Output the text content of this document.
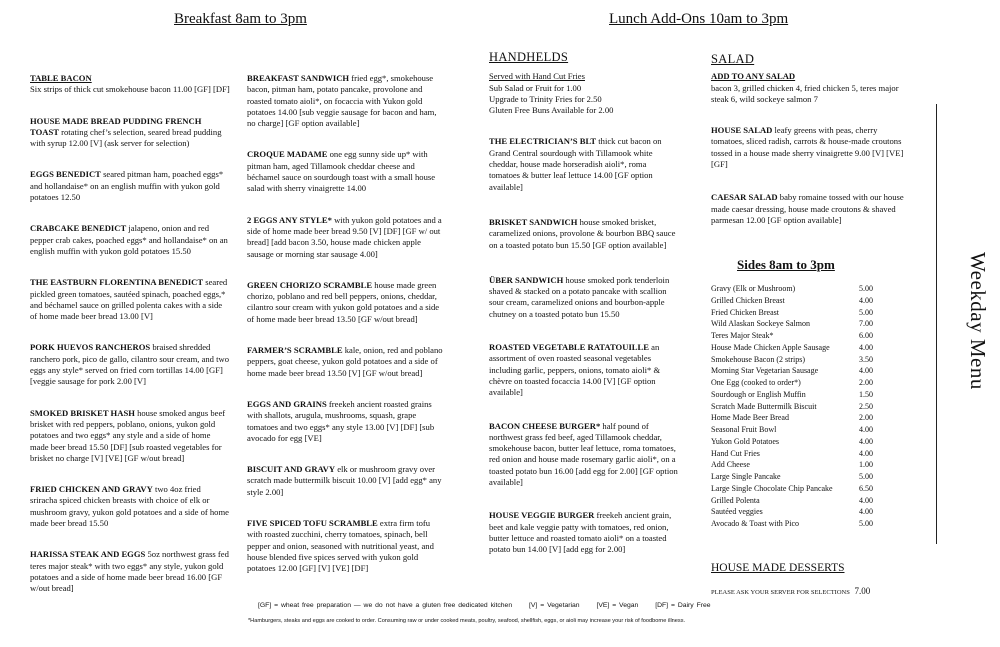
Breakfast 8am to 3pm	Lunch Add-Ons 10am to 3pm

TABLE BACON
Six strips of thick cut smokehouse bacon 11.00 [GF] [DF]

HOUSE MADE BREAD PUDDING FRENCH TOAST rotating chef’s selection, seared bread pudding with syrup 12.00 [V] (ask server for selection)

EGGS BENEDICT seared pitman ham, poached eggs* and hollandaise* on an english muffin with yukon gold potatoes 12.50

CRABCAKE BENEDICT jalapeno, onion and red pepper crab cakes, poached eggs* and hollandaise* on an english muffin with yukon gold potatoes 15.50

THE EASTBURN FLORENTINA BENEDICT seared pickled green tomatoes, sautéed spinach, poached eggs,* and béchamel sauce on grilled polenta cakes with a side of home made beer bread 13.00 [V]

PORK HUEVOS RANCHEROS braised shredded ranchero pork, pico de gallo, cilantro sour cream, and two eggs any style* served on fried corn tortillas 14.00 [GF] [veggie sausage for pork 2.00 [V]

SMOKED BRISKET HASH house smoked angus beef brisket with red peppers, poblano, onions, yukon gold potatoes and two eggs* any style and a side of home made beer bread 15.50 [DF] [sub roasted vegetables for brisket no charge [V] [VE] [GF w/out bread]

FRIED CHICKEN AND GRAVY two 4oz fried sriracha spiced chicken breasts with choice of elk or mushroom gravy, yukon gold potatoes and a side of home made beer bread 15.50

HARISSA STEAK AND EGGS 5oz northwest grass fed teres major steak* with two eggs* any style, yukon gold potatoes and a side of home made beer bread 16.00 [GF w/out bread]

BREAKFAST SANDWICH fried egg*, smokehouse bacon, pitman ham, potato pancake, provolone and roasted tomato aioli*, on focaccia with Yukon gold potatoes 14.00 [sub veggie sausage for bacon and ham, no charge] [GF option available]

CROQUE MADAME one egg sunny side up* with pitman ham, aged Tillamook cheddar cheese and béchamel sauce on sourdough toast with a small house salad with sherry vinaigrette 14.00

2 EGGS ANY STYLE* with yukon gold potatoes and a side of home made beer bread 9.50 [V] [DF] [GF w/ out bread] [add bacon 3.50, house made chicken apple sausage or morning star sausage 4.00]

GREEN CHORIZO SCRAMBLE house made green chorizo, poblano and red bell peppers, onions, cheddar, cilantro sour cream with yukon gold potatoes and a side of home made beer bread 13.50 [GF w/out bread]

FARMER’S SCRAMBLE kale, onion, red and poblano peppers, goat cheese, yukon gold potatoes and a side of home made beer bread 13.50 [V] [GF w/out bread]

EGGS AND GRAINS freekeh ancient roasted grains with shallots, arugula, mushrooms, squash, grape tomatoes and two eggs* any style 13.00 [V] [DF] [sub avocado for egg [VE]

BISCUIT AND GRAVY elk or mushroom gravy over scratch made buttermilk biscuit 10.00 [V] [add egg* any style 2.00]

FIVE SPICED TOFU SCRAMBLE extra firm tofu with roasted zucchini, cherry tomatoes, spinach, bell pepper and onion, seasoned with nutritional yeast, and house blended five spices served with yukon gold potatoes 12.00 [GF] [V] [VE] [DF]

HANDHELDS
Served with Hand Cut Fries
Sub Salad or Fruit for 1.00
Upgrade to Trinity Fries for 2.50
Gluten Free Buns Available for 2.00

THE ELECTRICIAN’S BLT thick cut bacon on Grand Central sourdough with Tillamook white cheddar, house made horseradish aioli*, roma tomatoes & butter leaf lettuce 14.00 [GF option available]

BRISKET SANDWICH house smoked brisket, caramelized onions, provolone & bourbon BBQ sauce on a toasted potato bun 15.50 [GF option available]

ÜBER SANDWICH house smoked pork tenderloin shaved & stacked on a potato pancake with scallion sour cream, caramelized onions and bourbon-apple chutney on a toasted potato bun 15.50

ROASTED VEGETABLE RATATOUILLE an assortment of oven roasted seasonal vegetables including garlic, peppers, onions, tomato aioli* & chèvre on toasted focaccia 14.00 [V] [GF option available]

BACON CHEESE BURGER* half pound of northwest grass fed beef, aged Tillamook cheddar, smokehouse bacon, butter leaf lettuce, roma tomatoes, red onion and house made rosemary garlic aioli*, on a toasted potato bun 16.00 [add egg for 2.00] [GF option available]

HOUSE VEGGIE BURGER freekeh ancient grain, beet and kale veggie patty with tomatoes, red onion, butter lettuce and roasted tomato aioli* on a toasted potato bun 14.00 [V] [add egg for 2.00]

SALAD

ADD TO ANY SALAD
bacon 3, grilled chicken 4, fried chicken 5, teres major steak 6, wild sockeye salmon 7

HOUSE SALAD leafy greens with peas, cherry tomatoes, sliced radish, carrots & house-made croutons tossed in a house made sherry vinaigrette 9.00 [V] [VE] [GF]

CAESAR SALAD baby romaine tossed with our house made caesar dressing, house made croutons & shaved parmesan 12.00 [GF option available]

Sides 8am to 3pm
Gravy (Elk or Mushroom)	5.00
Grilled Chicken Breast	4.00
Fried Chicken Breast	5.00
Wild Alaskan Sockeye Salmon	7.00
Teres Major Steak*	6.00
House Made Chicken Apple Sausage	4.00
Smokehouse Bacon (2 strips)	3.50
Morning Star Vegetarian Sausage	4.00
One Egg (cooked to order*)	2.00
Sourdough or English Muffin	1.50
Scratch Made Buttermilk Biscuit	2.50
Home Made Beer Bread	2.00
Seasonal Fruit Bowl	4.00
Yukon Gold Potatoes	4.00
Hand Cut Fries	4.00
Add Cheese	1.00
Large Single Pancake	5.00
Large Single Chocolate Chip Pancake	6.50
Grilled Polenta	4.00
Sautéed veggies	4.00
Avocado & Toast with Pico	5.00
HOUSE MADE DESSERTS
PLEASE ASK YOUR SERVER FOR SELECTIONS 7.00
Weekday Menu
[GF] = wheat free preparation — we do not have a gluten free dedicated kitchen [V] = Vegetarian [VE] = Vegan [DF] = Dairy Free
*Hamburgers, steaks and eggs are cooked to order. Consuming raw or under cooked meats, poultry, seafood, shellfish, eggs, or aioli may increase your risk of foodborne illness.
